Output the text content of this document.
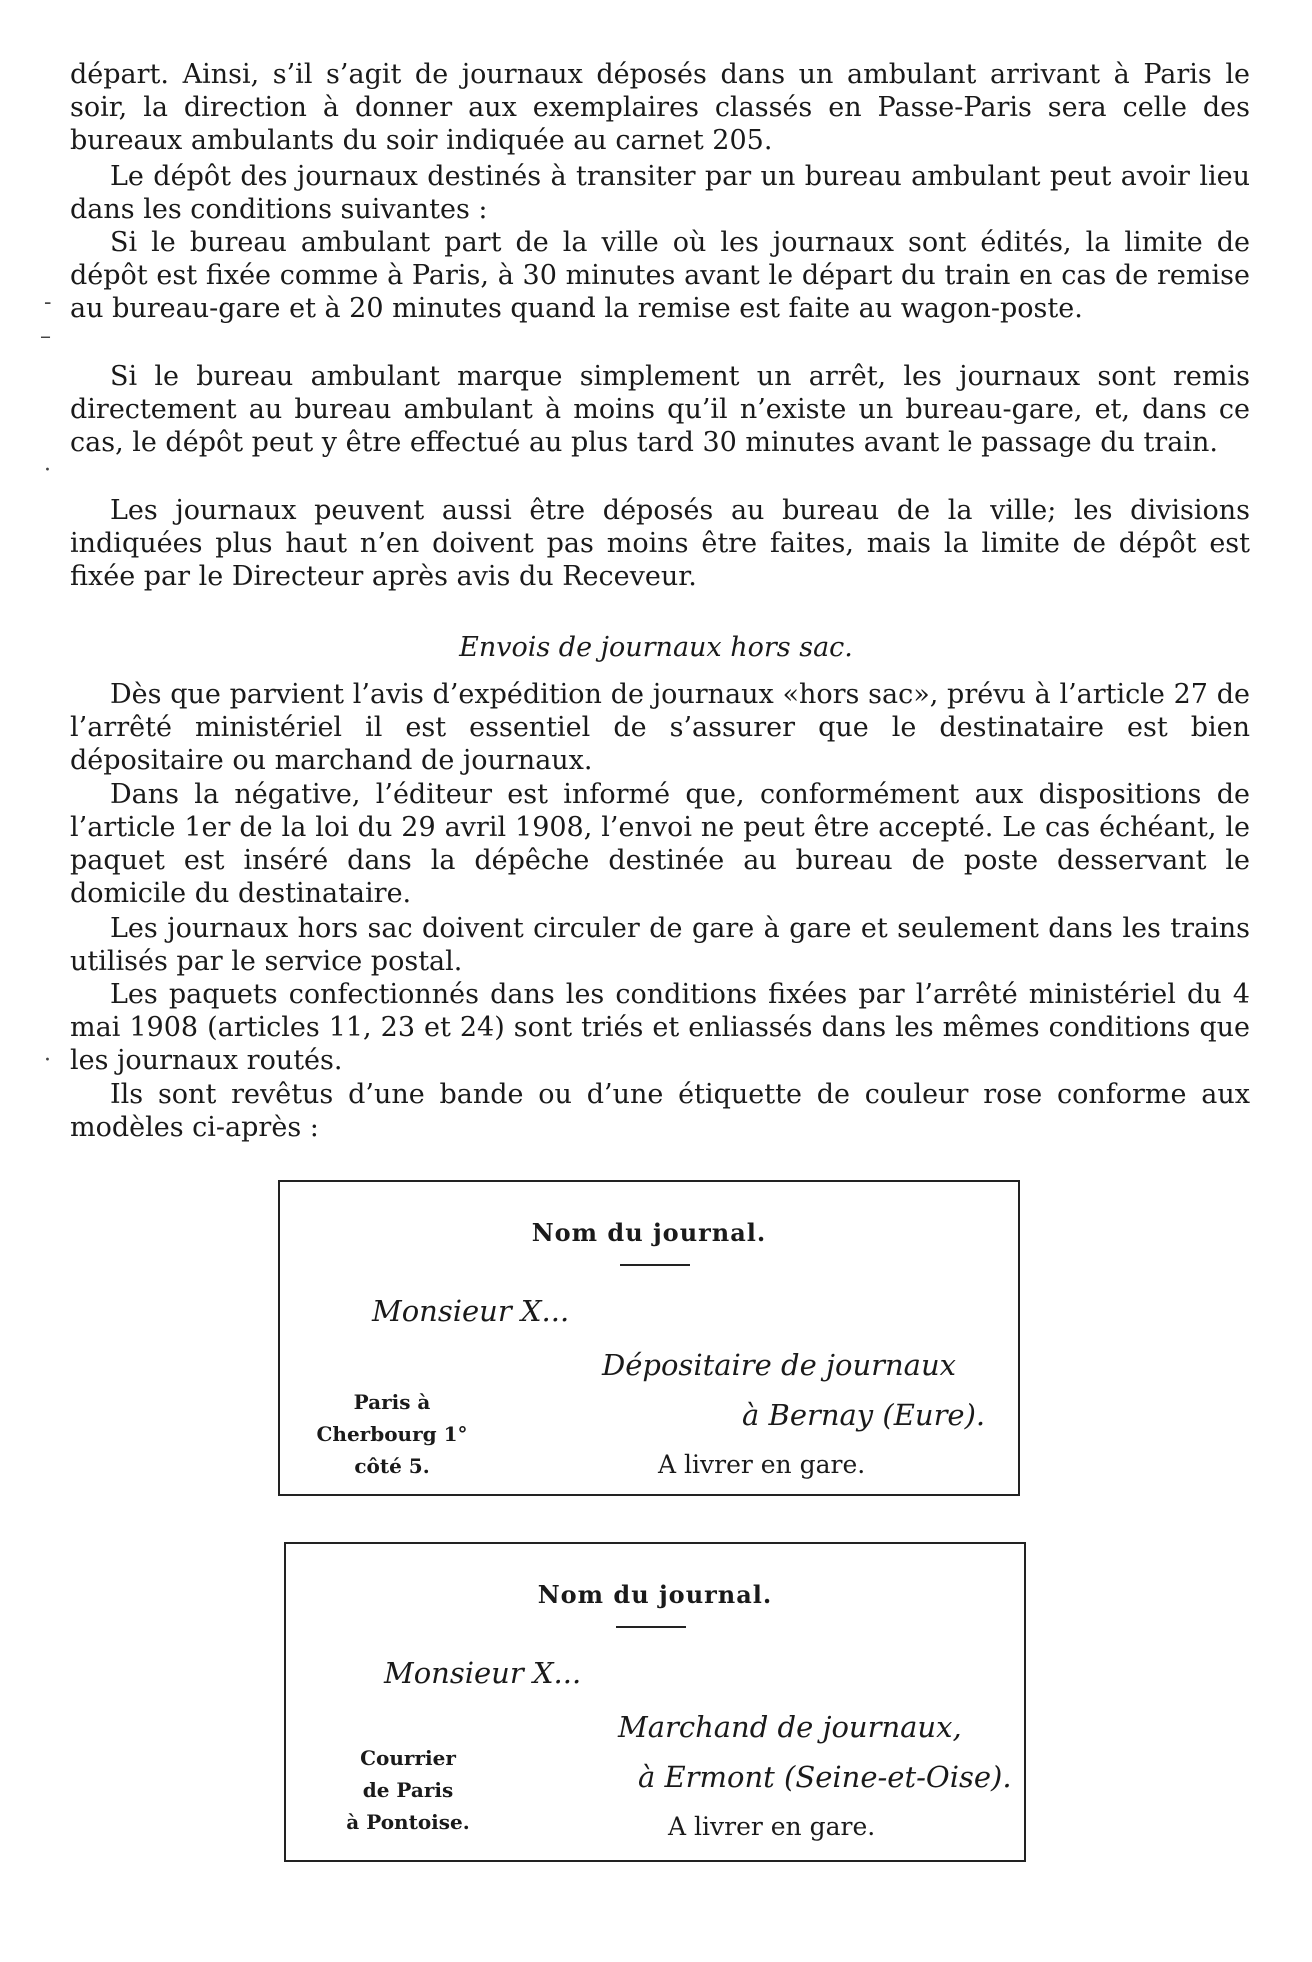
départ. Ainsi, s’il s’agit de journaux déposés dans un ambulant arrivant à Paris le soir, la direction à donner aux exemplaires classés en Passe-Paris sera celle des bureaux ambulants du soir indiquée au carnet 205.

Le dépôt des journaux destinés à transiter par un bureau ambulant peut avoir lieu dans les conditions suivantes :

Si le bureau ambulant part de la ville où les journaux sont édités, la limite de dépôt est fixée comme à Paris, à 30 minutes avant le départ du train en cas de remise au bureau-gare et à 20 minutes quand la remise est faite au wagon-poste.

Si le bureau ambulant marque simplement un arrêt, les journaux sont remis directement au bureau ambulant à moins qu’il n’existe un bureau-gare, et, dans ce cas, le dépôt peut y être effectué au plus tard 30 minutes avant le passage du train.

Les journaux peuvent aussi être déposés au bureau de la ville; les divisions indiquées plus haut n’en doivent pas moins être faites, mais la limite de dépôt est fixée par le Directeur après avis du Receveur.

Envois de journaux hors sac.

Dès que parvient l’avis d’expédition de journaux «hors sac», prévu à l’article 27 de l’arrêté ministériel il est essentiel de s’assurer que le destinataire est bien dépositaire ou marchand de journaux.

Dans la négative, l’éditeur est informé que, conformément aux dispositions de l’article 1er de la loi du 29 avril 1908, l’envoi ne peut être accepté. Le cas échéant, le paquet est inséré dans la dépêche destinée au bureau de poste desservant le domicile du destinataire.

Les journaux hors sac doivent circuler de gare à gare et seulement dans les trains utilisés par le service postal.

Les paquets confectionnés dans les conditions fixées par l’arrêté ministériel du 4 mai 1908 (articles 11, 23 et 24) sont triés et enliassés dans les mêmes conditions que les journaux routés.

Ils sont revêtus d’une bande ou d’une étiquette de couleur rose conforme aux modèles ci-après :

-
–
·
·
Nom du journal.
Monsieur X...
Dépositaire de journaux
à Bernay (Eure).
A livrer en gare.
Paris à
Cherbourg 1°
côté 5.
Nom du journal.
Monsieur X...
Marchand de journaux,
à Ermont (Seine-et-Oise).
A livrer en gare.
Courrier
de Paris
à Pontoise.
